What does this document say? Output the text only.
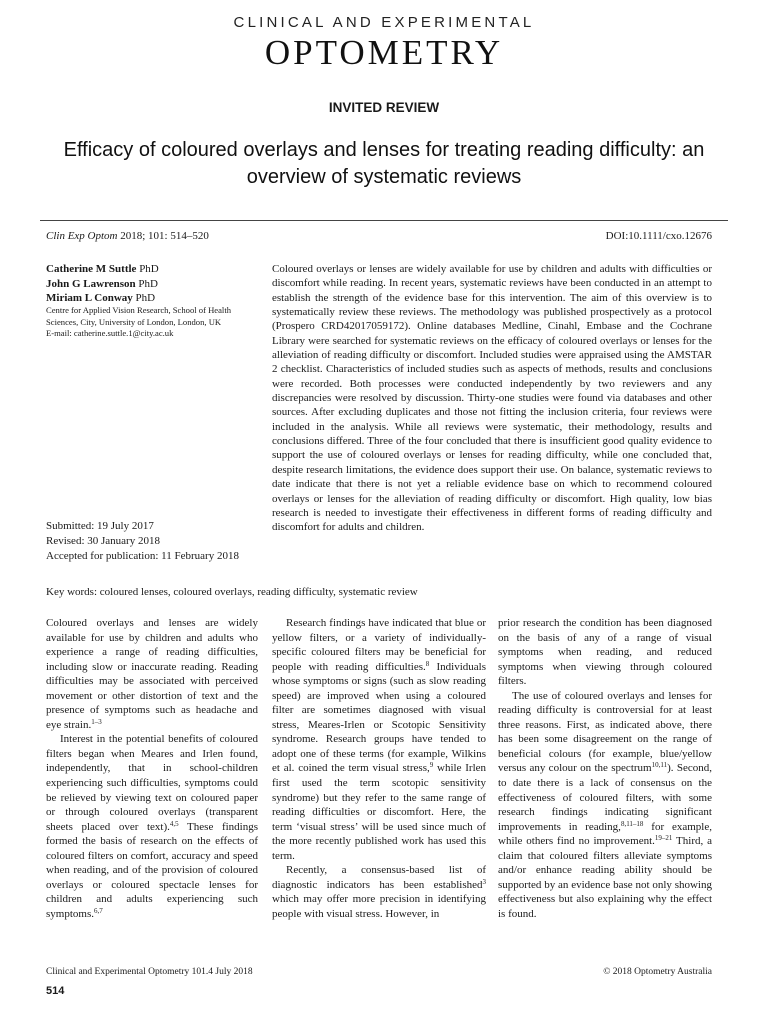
CLINICAL AND EXPERIMENTAL
OPTOMETRY
INVITED REVIEW
Efficacy of coloured overlays and lenses for treating reading difficulty: an overview of systematic reviews
Clin Exp Optom 2018; 101: 514–520	DOI:10.1111/cxo.12676
Catherine M Suttle PhD
John G Lawrenson PhD
Miriam L Conway PhD
Centre for Applied Vision Research, School of Health Sciences, City, University of London, London, UK
E-mail: catherine.suttle.1@city.ac.uk
Submitted: 19 July 2017
Revised: 30 January 2018
Accepted for publication: 11 February 2018
Coloured overlays or lenses are widely available for use by children and adults with difficulties or discomfort while reading. In recent years, systematic reviews have been conducted in an attempt to establish the strength of the evidence base for this intervention. The aim of this overview is to systematically review these reviews. The methodology was published prospectively as a protocol (Prospero CRD42017059172). Online databases Medline, Cinahl, Embase and the Cochrane Library were searched for systematic reviews on the efficacy of coloured overlays or lenses for the alleviation of reading difficulty or discomfort. Included studies were appraised using the AMSTAR 2 checklist. Characteristics of included studies such as aspects of methods, results and conclusions were recorded. Both processes were conducted independently by two reviewers and any discrepancies were resolved by discussion. Thirty-one studies were found via databases and other sources. After excluding duplicates and those not fitting the inclusion criteria, four reviews were included in the analysis. While all reviews were systematic, their methodology, results and conclusions differed. Three of the four concluded that there is insufficient good quality evidence to support the use of coloured overlays or lenses for reading difficulty, while one concluded that, despite research limitations, the evidence does support their use. On balance, systematic reviews to date indicate that there is not yet a reliable evidence base on which to recommend coloured overlays or lenses for the alleviation of reading difficulty or discomfort. High quality, low bias research is needed to investigate their effectiveness in different forms of reading difficulty and discomfort for adults and children.
Key words: coloured lenses, coloured overlays, reading difficulty, systematic review

Coloured overlays and lenses are widely available for use by children and adults who experience a range of reading difficulties, including slow or inaccurate reading. Reading difficulties may be associated with perceived movement or other distortion of text and the presence of symptoms such as headache and eye strain.$^{1-3}$

Interest in the potential benefits of coloured filters began when Meares and Irlen found, independently, that in school-children experiencing such difficulties, symptoms could be relieved by viewing text on coloured paper or through coloured overlays (transparent sheets placed over text).$^{4,5}$ These findings formed the basis of research on the effects of coloured filters on comfort, accuracy and speed when reading, and of the provision of coloured overlays or coloured spectacle lenses for children and adults experiencing such symptoms.$^{6,7}$

Research findings have indicated that blue or yellow filters, or a variety of individually-specific coloured filters may be beneficial for people with reading difficulties.$^8$ Individuals whose symptoms or signs (such as slow reading speed) are improved when using a coloured filter are sometimes diagnosed with visual stress, Meares-Irlen or Scotopic Sensitivity syndrome. Research groups have tended to adopt one of these terms (for example, Wilkins et al. coined the term visual stress,$^9$ while Irlen first used the term scotopic sensitivity syndrome) but they refer to the same range of reading difficulties or discomfort. Here, the term ‘visual stress’ will be used since much of the more recently published work has used this term.

Recently, a consensus-based list of diagnostic indicators has been established$^3$ which may offer more precision in identifying people with visual stress. However, in

prior research the condition has been diagnosed on the basis of any of a range of visual symptoms when reading, and reduced symptoms when viewing through coloured filters.

The use of coloured overlays and lenses for reading difficulty is controversial for at least three reasons. First, as indicated above, there has been some disagreement on the range of beneficial colours (for example, blue/yellow versus any colour on the spectrum$^{10,11}$). Second, to date there is a lack of consensus on the effectiveness of coloured filters, with some research findings indicating significant improvements in reading,$^{8,11-18}$ for example, while others find no improvement.$^{19-21}$ Third, a claim that coloured filters alleviate symptoms and/or enhance reading ability should be supported by an evidence base not only showing effectiveness but also explaining why the effect is found.

Clinical and Experimental Optometry 101.4 July 2018	© 2018 Optometry Australia
514
